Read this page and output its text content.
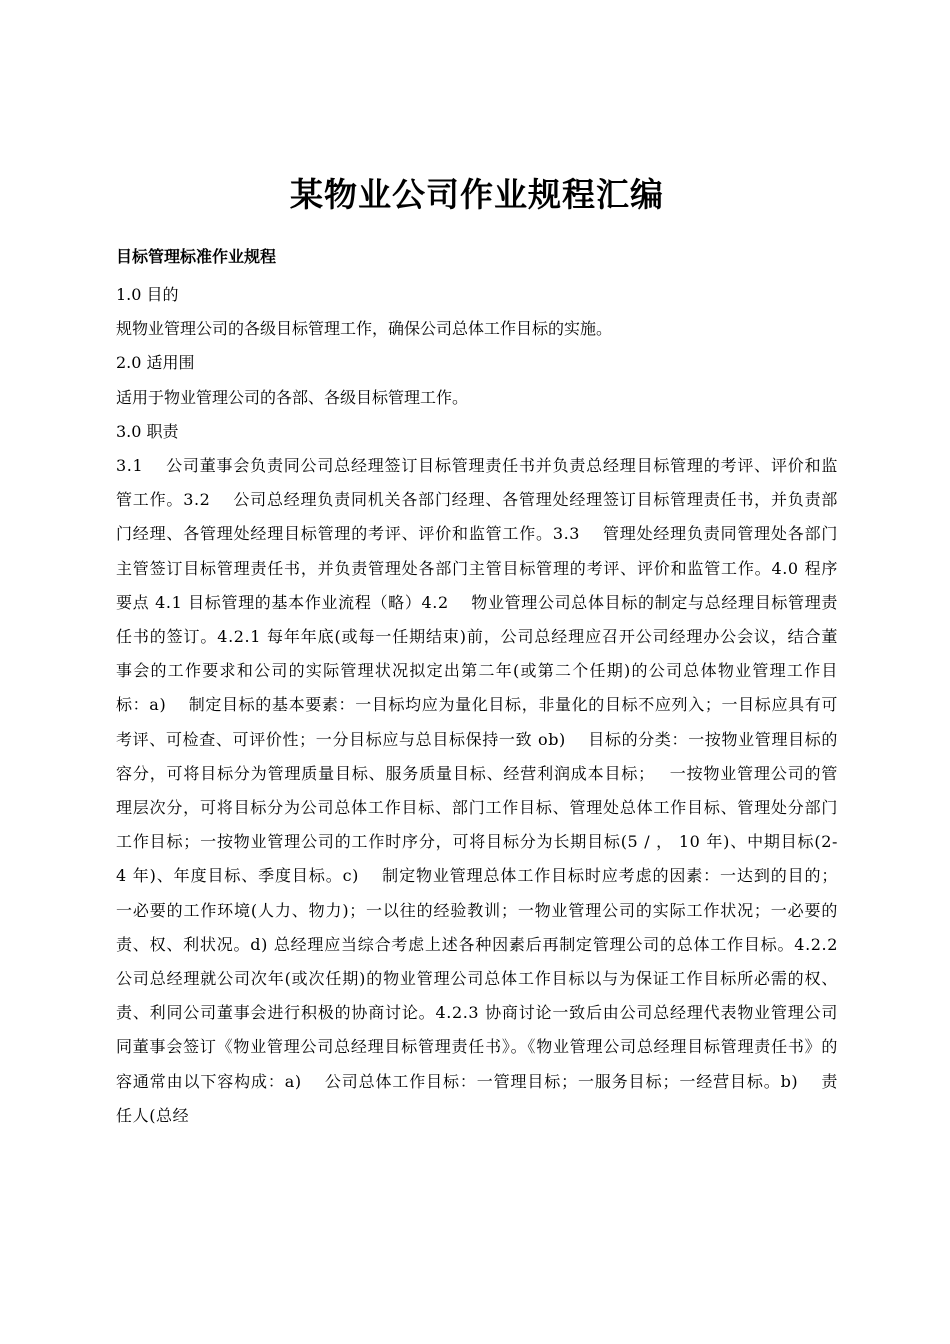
某物业公司作业规程汇编
目标管理标准作业规程

1.0 目的

规物业管理公司的各级目标管理工作，确保公司总体工作目标的实施。

2.0 适用围

适用于物业管理公司的各部、各级目标管理工作。

3.0 职责

3.1　 公司董事会负责同公司总经理签订目标管理责任书并负责总经理目标管理的考评、评价和监管工作。3.2　 公司总经理负责同机关各部门经理、各管理处经理签订目标管理责任书，并负责部门经理、各管理处经理目标管理的考评、评价和监管工作。3.3　 管理处经理负责同管理处各部门主管签订目标管理责任书，并负责管理处各部门主管目标管理的考评、评价和监管工作。4.0 程序要点 4.1 目标管理的基本作业流程（略）4.2　 物业管理公司总体目标的制定与总经理目标管理责任书的签订。4.2.1 每年年底(或每一任期结束)前，公司总经理应召开公司经理办公会议，结合董事会的工作要求和公司的实际管理状况拟定出第二年(或第二个任期)的公司总体物业管理工作目标：a)　 制定目标的基本要素：一目标均应为量化目标，非量化的目标不应列入；一目标应具有可考评、可检查、可评价性；一分目标应与总目标保持一致 ob)　 目标的分类：一按物业管理目标的容分，可将目标分为管理质量目标、服务质量目标、经营利润成本目标；　 一按物业管理公司的管理层次分，可将目标分为公司总体工作目标、部门工作目标、管理处总体工作目标、管理处分部门工作目标；一按物业管理公司的工作时序分，可将目标分为长期目标(5 / ， 10 年)、中期目标(2-4 年)、年度目标、季度目标。c)　 制定物业管理总体工作目标时应考虑的因素：一达到的目的；一必要的工作环境(人力、物力)；一以往的经验教训；一物业管理公司的实际工作状况；一必要的责、权、利状况。d) 总经理应当综合考虑上述各种因素后再制定管理公司的总体工作目标。4.2.2　 公司总经理就公司次年(或次任期)的物业管理公司总体工作目标以与为保证工作目标所必需的权、责、利同公司董事会进行积极的协商讨论。4.2.3 协商讨论一致后由公司总经理代表物业管理公司同董事会签订《物业管理公司总经理目标管理责任书》。《物业管理公司总经理目标管理责任书》的容通常由以下容构成：a)　 公司总体工作目标：一管理目标；一服务目标；一经营目标。b)　 责任人(总经
